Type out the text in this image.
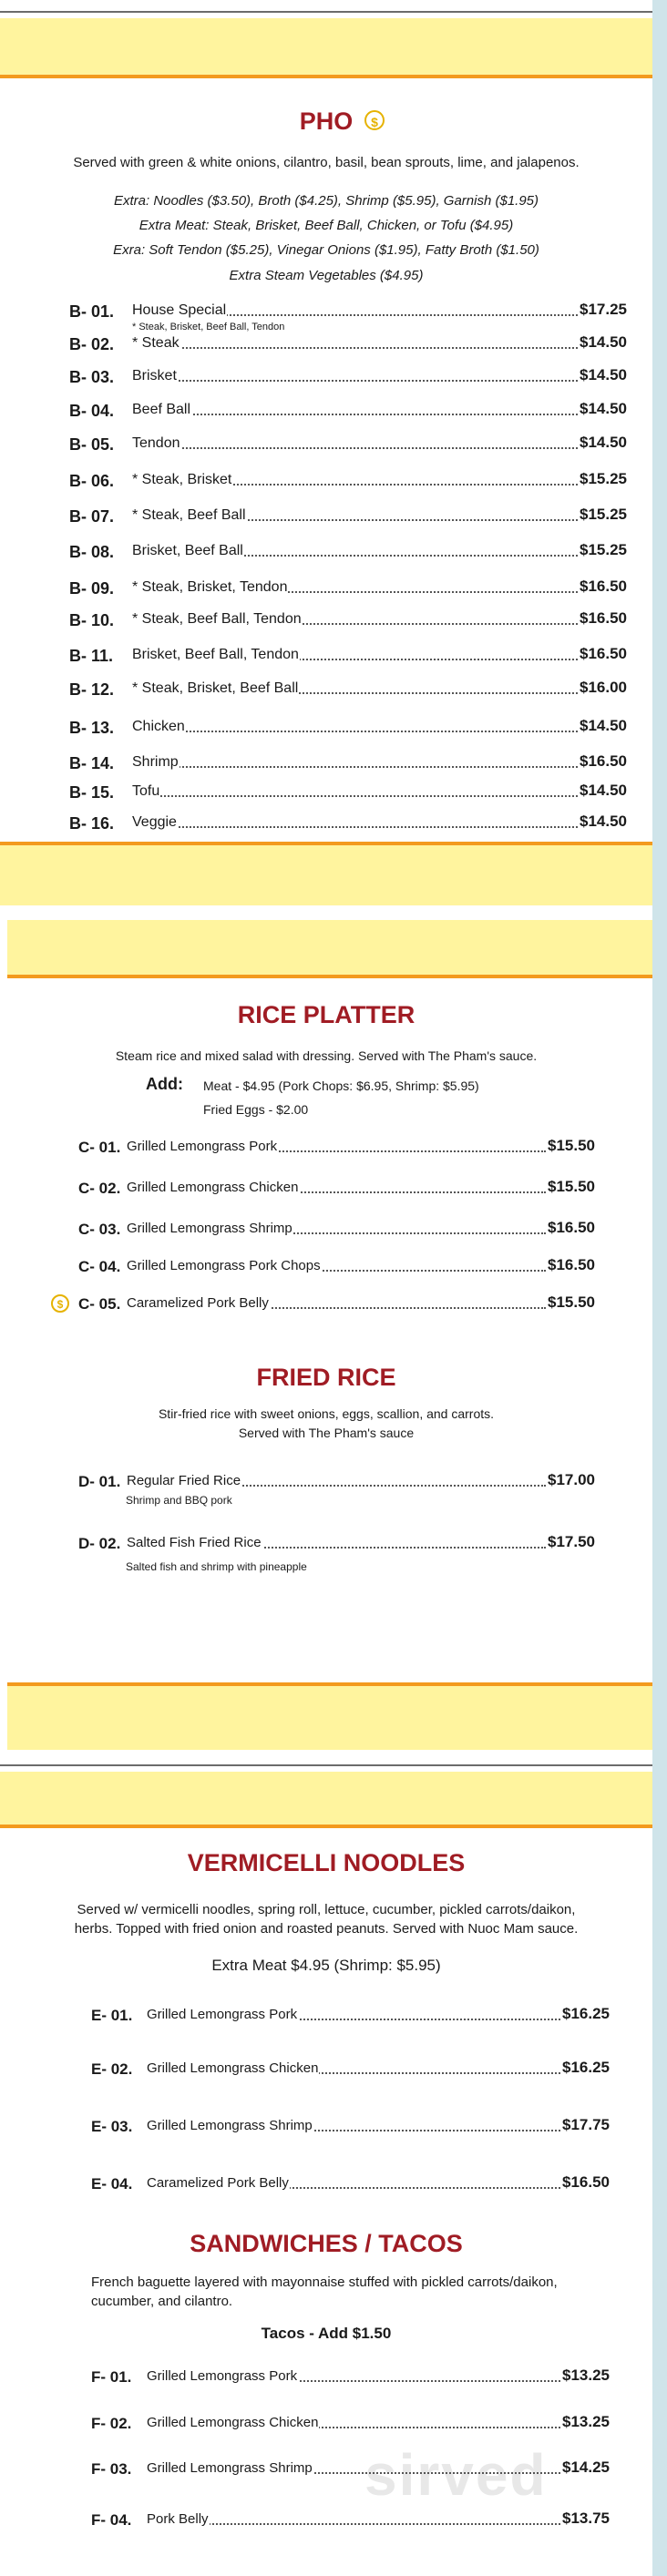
PHO	$
Served with green & white onions, cilantro, basil, bean sprouts, lime, and jalapenos.
Extra: Noodles ($3.50), Broth ($4.25), Shrimp ($5.95), Garnish ($1.95)
Extra Meat: Steak, Brisket, Beef Ball, Chicken, or Tofu ($4.95)
Exra: Soft Tendon ($5.25), Vinegar Onions ($1.95), Fatty Broth ($1.50)
Extra Steam Vegetables ($4.95)
B- 01. House Special	$17.25
B- 02. * Steak	$14.50
B- 03. Brisket	$14.50
B- 04. Beef Ball	$14.50
B- 05. Tendon	$14.50
B- 06. * Steak, Brisket	$15.25
B- 07. * Steak, Beef Ball	$15.25
B- 08. Brisket, Beef Ball	$15.25
B- 09. * Steak, Brisket, Tendon	$16.50
B- 10. * Steak, Beef Ball, Tendon	$16.50
B- 11. Brisket, Beef Ball, Tendon	$16.50
B- 12. * Steak, Brisket, Beef Ball	$16.00
B- 13. Chicken	$14.50
B- 14. Shrimp	$16.50
B- 15. Tofu	$14.50
B- 16. Veggie	$14.50
* Steak, Brisket, Beef Ball, Tendon
RICE PLATTER
Steam rice and mixed salad with dressing. Served with The Pham's sauce.
Add: Meat - $4.95 (Pork Chops: $6.95, Shrimp: $5.95)
Fried Eggs - $2.00
$
C- 01. Grilled Lemongrass Pork	$15.50
C- 02. Grilled Lemongrass Chicken	$15.50
C- 03. Grilled Lemongrass Shrimp	$16.50
C- 04. Grilled Lemongrass Pork Chops	$16.50
C- 05. Caramelized Pork Belly	$15.50
FRIED RICE
Stir-fried rice with sweet onions, eggs, scallion, and carrots.
Served with The Pham's sauce
D- 01. Regular Fried Rice	$17.00
D- 02. Salted Fish Fried Rice	$17.50
Shrimp and BBQ pork
Salted fish and shrimp with pineapple
VERMICELLI NOODLES
Served w/ vermicelli noodles, spring roll, lettuce, cucumber, pickled carrots/daikon,
herbs. Topped with fried onion and roasted peanuts. Served with Nuoc Mam sauce.
Extra Meat $4.95 (Shrimp: $5.95)
E- 01. Grilled Lemongrass Pork	$16.25
E- 02. Grilled Lemongrass Chicken	$16.25
E- 03. Grilled Lemongrass Shrimp	$17.75
E- 04. Caramelized Pork Belly	$16.50
SANDWICHES / TACOS
French baguette layered with mayonnaise stuffed with pickled carrots/daikon,
cucumber, and cilantro.
Tacos - Add $1.50
sirved
F- 01. Grilled Lemongrass Pork	$13.25
F- 02. Grilled Lemongrass Chicken	$13.25
F- 03. Grilled Lemongrass Shrimp	$14.25
F- 04. Pork Belly	$13.75
